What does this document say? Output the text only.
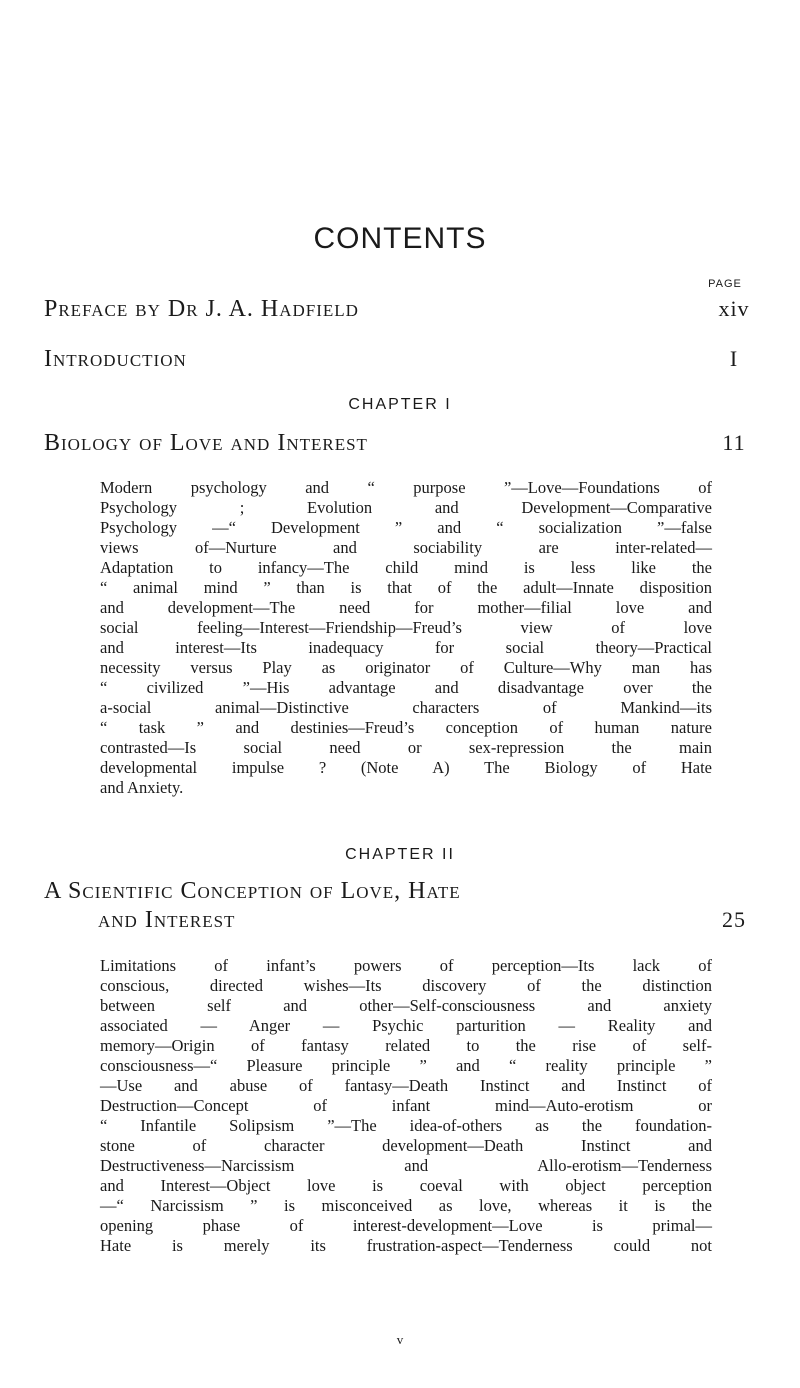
CONTENTS
PAGE
Preface by Dr J. A. Hadfield	xiv
Introduction	I
CHAPTER I
Biology of Love and Interest	11
Modern psychology and “ purpose ”—Love—Foundations of
Psychology ; Evolution and Development—Comparative
Psychology —“ Development ” and “ socialization ”—false
views of—Nurture and sociability are inter-related—
Adaptation to infancy—The child mind is less like the
“ animal mind ” than is that of the adult—Innate disposition
and development—The need for mother—filial love and
social feeling—Interest—Friendship—Freud’s view of love
and interest—Its inadequacy for social theory—Practical
necessity versus Play as originator of Culture—Why man has
“ civilized ”—His advantage and disadvantage over the
a-social animal—Distinctive characters of Mankind—its
“ task ” and destinies—Freud’s conception of human nature
contrasted—Is social need or sex-repression the main
developmental impulse ? (Note A) The Biology of Hate
and Anxiety.
CHAPTER II
A Scientific Conception of Love, Hate
and Interest	25
Limitations of infant’s powers of perception—Its lack of
conscious, directed wishes—Its discovery of the distinction
between self and other—Self-consciousness and anxiety
associated — Anger — Psychic parturition — Reality and
memory—Origin of fantasy related to the rise of self-
consciousness—“ Pleasure principle ” and “ reality principle ”
—Use and abuse of fantasy—Death Instinct and Instinct of
Destruction—Concept of infant mind—Auto-erotism or
“ Infantile Solipsism ”—The idea-of-others as the foundation-
stone of character development—Death Instinct and
Destructiveness—Narcissism and Allo-erotism—Tenderness
and Interest—Object love is coeval with object perception
—“ Narcissism ” is misconceived as love, whereas it is the
opening phase of interest-development—Love is primal—
Hate is merely its frustration-aspect—Tenderness could not
v
